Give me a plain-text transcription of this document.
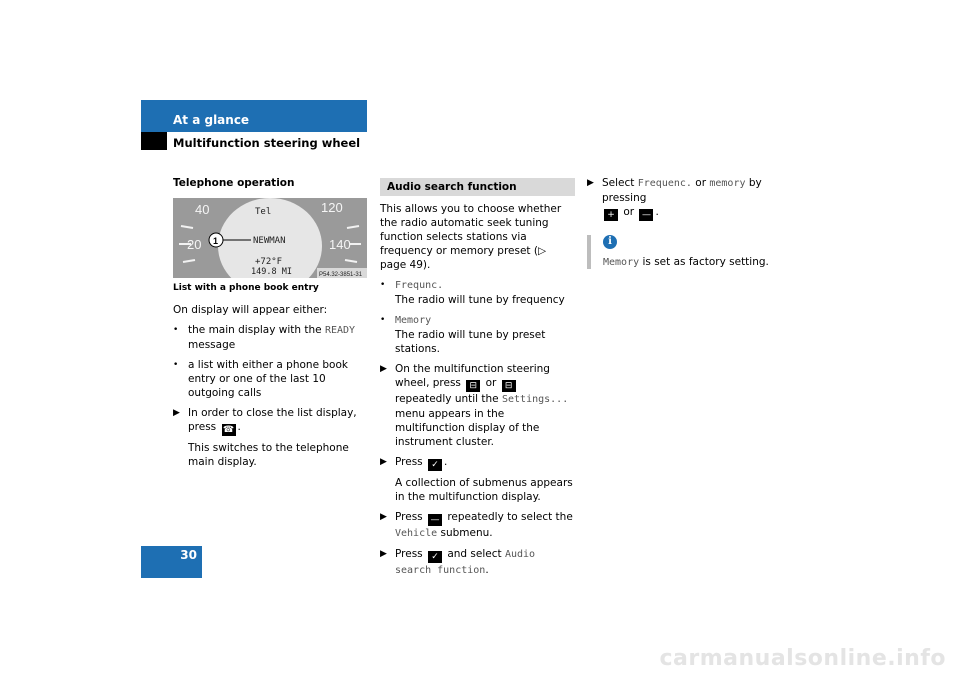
At a glance
Multifunction steering wheel
Telephone operation
40
20
120
140
Tel
NEWMAN
+72°F
149.8 MI
1
P54.32-3851-31
List with a phone book entry

On display will appear either:

• the main display with the READY
message
• a list with either a phone book entry or one of the last 10 outgoing calls
▶ In order to close the list display, press ☎ .
This switches to the telephone main display.
Audio search function

This allows you to choose whether the radio automatic seek tuning function selects stations via frequency or memory preset (▷ page 49).

• Frequnc.
The radio will tune by frequency
• Memory
The radio will tune by preset stations.
▶ On the multifunction steering wheel, press ⊟ or ⊟ repeatedly until the Settings... menu appears in the multifunction display of the instrument cluster.
▶ Press ✓ .
A collection of submenus appears in the multifunction display.
▶ Press — repeatedly to select the Vehicle submenu.
▶ Press ✓ and select Audio search function.
▶ Select Frequenc. or memory by pressing
+ or — .
i
Memory is set as factory setting.
30
carmanualsonline.info
